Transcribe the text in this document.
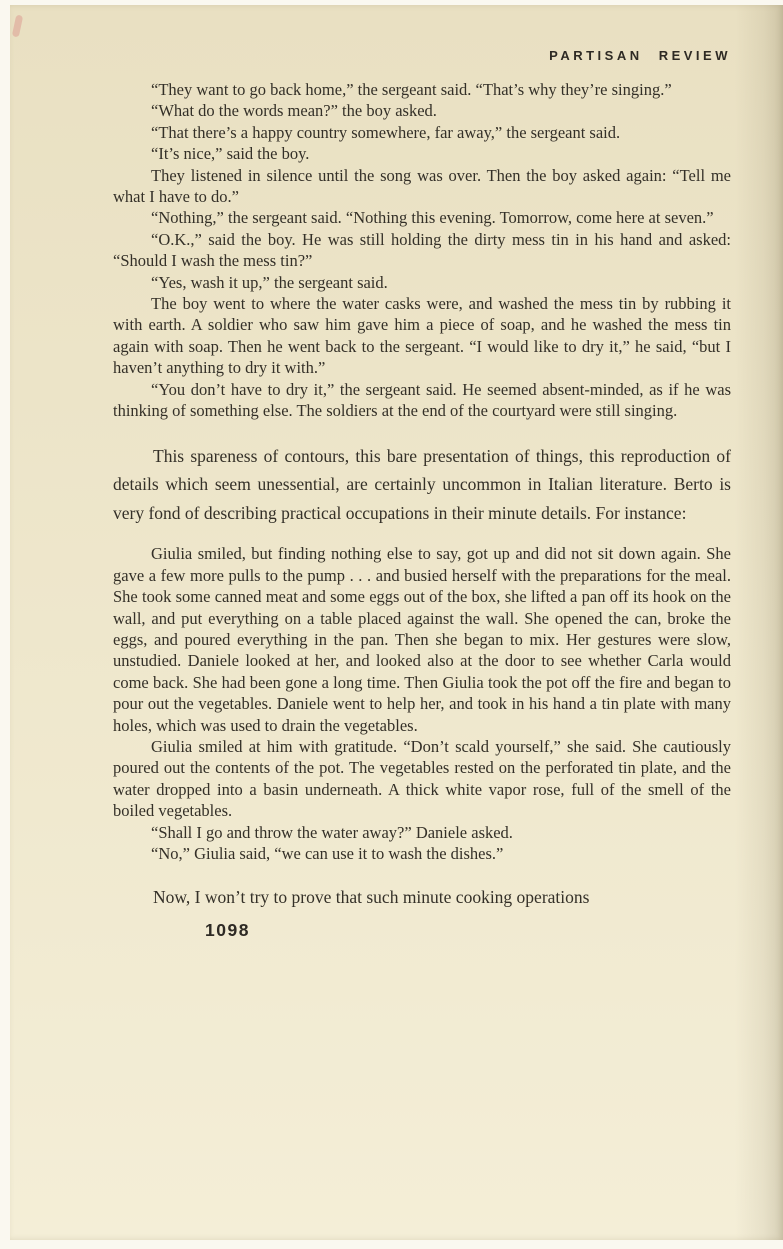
PARTISAN REVIEW

“They want to go back home,” the sergeant said. “That’s why they’re singing.”

“What do the words mean?” the boy asked.

“That there’s a happy country somewhere, far away,” the sergeant said.

“It’s nice,” said the boy.

They listened in silence until the song was over. Then the boy asked again: “Tell me what I have to do.”

“Nothing,” the sergeant said. “Nothing this evening. Tomorrow, come here at seven.”

“O.K.,” said the boy. He was still holding the dirty mess tin in his hand and asked: “Should I wash the mess tin?”

“Yes, wash it up,” the sergeant said.

The boy went to where the water casks were, and washed the mess tin by rubbing it with earth. A soldier who saw him gave him a piece of soap, and he washed the mess tin again with soap. Then he went back to the sergeant. “I would like to dry it,” he said, “but I haven’t anything to dry it with.”

“You don’t have to dry it,” the sergeant said. He seemed absent-minded, as if he was thinking of something else. The soldiers at the end of the courtyard were still singing.

This spareness of contours, this bare presentation of things, this reproduction of details which seem unessential, are certainly uncommon in Italian literature. Berto is very fond of describing practical occupations in their minute details. For instance:

Giulia smiled, but finding nothing else to say, got up and did not sit down again. She gave a few more pulls to the pump . . . and busied herself with the preparations for the meal. She took some canned meat and some eggs out of the box, she lifted a pan off its hook on the wall, and put everything on a table placed against the wall. She opened the can, broke the eggs, and poured everything in the pan. Then she began to mix. Her gestures were slow, unstudied. Daniele looked at her, and looked also at the door to see whether Carla would come back. She had been gone a long time. Then Giulia took the pot off the fire and began to pour out the vegetables. Daniele went to help her, and took in his hand a tin plate with many holes, which was used to drain the vegetables.

Giulia smiled at him with gratitude. “Don’t scald yourself,” she said. She cautiously poured out the contents of the pot. The vegetables rested on the perforated tin plate, and the water dropped into a basin underneath. A thick white vapor rose, full of the smell of the boiled vegetables.

“Shall I go and throw the water away?” Daniele asked.

“No,” Giulia said, “we can use it to wash the dishes.”

Now, I won’t try to prove that such minute cooking operations

1098
